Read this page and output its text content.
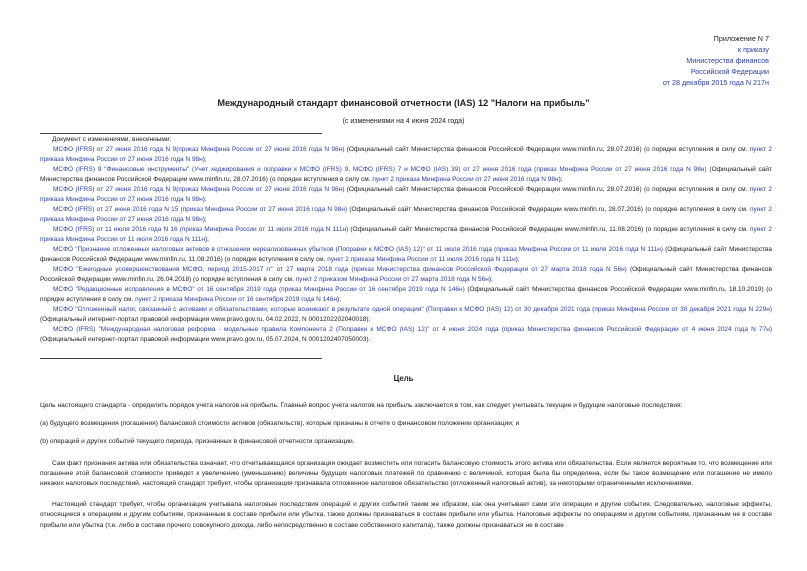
Приложение N 7
к приказу
Министерства финансов
Российской Федерации
от 28 декабря 2015 года N 217н
Международный стандарт финансовой отчетности (IAS) 12 "Налоги на прибыль"
(с изменениями на 4 июня 2024 года)
Документ с изменениями, внесенными:

МСФО (IFRS) от 27 июня 2016 года N 9(приказ Минфина России от 27 июня 2016 года N 98н) (Официальный сайт Министерства финансов Российской Федерации www.minfin.ru, 28.07.2016) (о порядке вступления в силу см. пункт 2 приказа Минфина России от 27 июня 2016 года N 98н);

МСФО (IFRS) 9 "Финансовые инструменты" (Учет хеджирования и поправки к МСФО (IFRS) 9, МСФО (IFRS) 7 и МСФО (IAS) 39) от 27 июня 2016 года (приказ Минфина России от 27 июня 2016 года N 98н) (Официальный сайт Министерства финансов Российской Федерации www.minfin.ru, 28.07.2016) (о порядке вступления в силу см. пункт 2 приказа Минфина России от 27 июня 2016 года N 98н);

МСФО (IFRS) от 27 июня 2016 года N 9(приказ Минфина России от 27 июня 2016 года N 98н) (Официальный сайт Министерства финансов Российской Федерации www.minfin.ru, 28.07.2016) (о порядке вступления в силу см. пункт 2 приказа Минфина России от 27 июня 2016 года N 98н);

МСФО (IFRS) от 27 июня 2016 года N 15 (приказ Минфина России от 27 июня 2016 года N 98н) (Официальный сайт Министерства финансов Российской Федерации www.minfin.ru, 28.07.2016) (о порядке вступления в силу см. пункт 2 приказа Минфина России от 27 июня 2016 года N 98н);

МСФО (IFRS) от 11 июля 2016 года N 16 (приказ Минфина России от 11 июля 2016 года N 111н) (Официальный сайт Министерства финансов Российской Федерации www.minfin.ru, 11.08.2016) (о порядке вступления в силу см. пункт 2 приказа Минфина России от 11 июля 2016 года N 111н);

МСФО "Признание отложенных налоговых активов в отношении нереализованных убытков (Поправки к МСФО (IAS) 12)" от 11 июля 2016 года (приказ Минфина России от 11 июля 2016 года N 111н) (Официальный сайт Министерства финансов Российской Федерации www.minfin.ru, 11.08.2016) (о порядке вступления в силу см. пункт 2 приказа Минфина России от 11 июля 2016 года N 111н);

МСФО "Ежегодные усовершенствования МСФО, период 2015-2017 гг" от 27 марта 2018 года (приказ Министерства финансов Российской Федерации от 27 марта 2018 года N 56н) (Официальный сайт Министерства финансов Российской Федерации www.minfin.ru, 26.04.2018) (о порядке вступления в силу см. пункт 2 приказом Минфина России от 27 марта 2018 года N 56н);

МСФО "Редакционные исправления в МСФО" от 16 сентября 2019 года (приказ Минфина России от 16 сентября 2019 года N 146н) (Официальный сайт Министерства финансов Российской Федерации www.minfin.ru, 18.10.2019) (о порядке вступления в силу см. пункт 2 приказа Минфина России от 16 сентября 2019 года N 146н);

МСФО "Отложенный налог, связанный с активами и обязательствами, которые возникают в результате одной операции" (Поправки к МСФО (IAS) 12) от 30 декабря 2021 года (приказ Минфина России от 30 декабря 2021 года N 229н) (Официальный интернет-портал правовой информации www.pravo.gov.ru, 04.02.2022, N 0001202202040018);

МСФО (IFRS) "Международная налоговая реформа - модельные правила Компонента 2 (Поправки к МСФО (IAS) 12)" от 4 июня 2024 года (приказ Министерства финансов Российской Федерации от 4 июня 2024 года N 77н) (Официальный интернет-портал правовой информации www.pravo.gov.ru, 05.07.2024, N 0001202407050003).

Цель

Цель настоящего стандарта - определить порядок учета налогов на прибыль. Главный вопрос учета налогов на прибыль заключается в том, как следует учитывать текущие и будущие налоговые последствия:

(a) будущего возмещения (погашения) балансовой стоимости активов (обязательств), которые признаны в отчете о финансовом положении организации; и

(b) операций и других событий текущего периода, признанных в финансовой отчетности организации.

Сам факт признания актива или обязательства означает, что отчитывающаяся организация ожидает возместить или погасить балансовую стоимость этого актива или обязательства. Если является вероятным то, что возмещение или погашение этой балансовой стоимости приведет к увеличению (уменьшению) величины будущих налоговых платежей по сравнению с величиной, которая была бы определена, если бы такое возмещение или погашение не имело никаких налоговых последствий, настоящий стандарт требует, чтобы организация признавала отложенное налоговое обязательство (отложенный налоговый актив), за некоторыми ограниченными исключениями.

Настоящий стандарт требует, чтобы организация учитывала налоговые последствия операций и других событий таким же образом, как она учитывает сами эти операции и другие события. Следовательно, налоговые эффекты, относящиеся к операциям и другим событиям, признанным в составе прибыли или убытка, также должны признаваться в составе прибыли или убытка. Налоговые эффекты по операциям и другим событиям, признанным не в составе прибыли или убытка (т.е. либо в составе прочего совокупного дохода, либо непосредственно в составе собственного капитала), также должны признаваться не в составе
